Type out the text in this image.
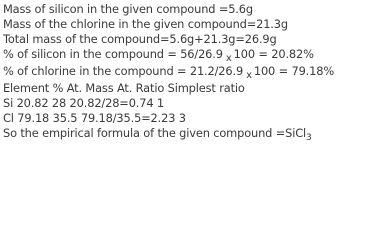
Mass of silicon in the given compound =5.6g
Mass of the chlorine in the given compound=21.3g
Total mass of the compound=5.6g+21.3g=26.9g
% of silicon in the compound = 56/26.9 x 100 = 20.82%
% of chlorine in the compound = 21.2/26.9 x 100 = 79.18%
Element % At. Mass At. Ratio Simplest ratio
Si 20.82 28 20.82/28=0.74 1
Cl 79.18 35.5 79.18/35.5=2.23 3
So the empirical formula of the given compound =SiCl$_3$
